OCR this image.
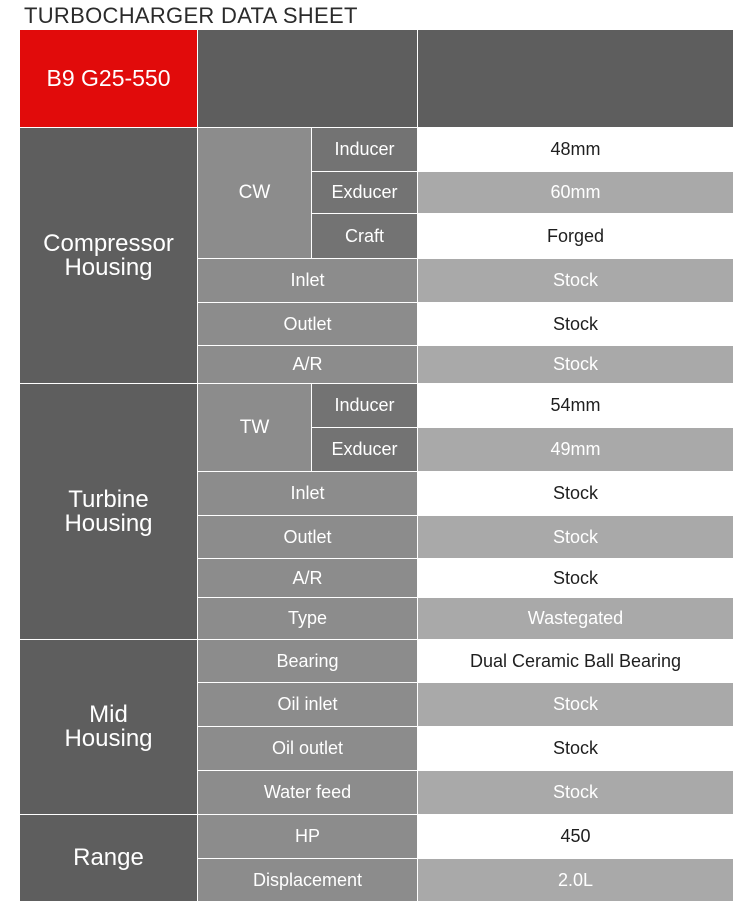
TURBOCHARGER DATA SHEET
B9 G25-550
Compressor
Housing
CW
Inducer	48mm
Exducer	60mm
Craft	Forged
Inlet	Stock
Outlet	Stock
A/R	Stock
Turbine
Housing
TW
Inducer	54mm
Exducer	49mm
Inlet	Stock
Outlet	Stock
A/R	Stock
Type	Wastegated
Mid
Housing
Bearing	Dual Ceramic Ball Bearing
Oil inlet	Stock
Oil outlet	Stock
Water feed	Stock
Range
HP	450
Displacement	2.0L
